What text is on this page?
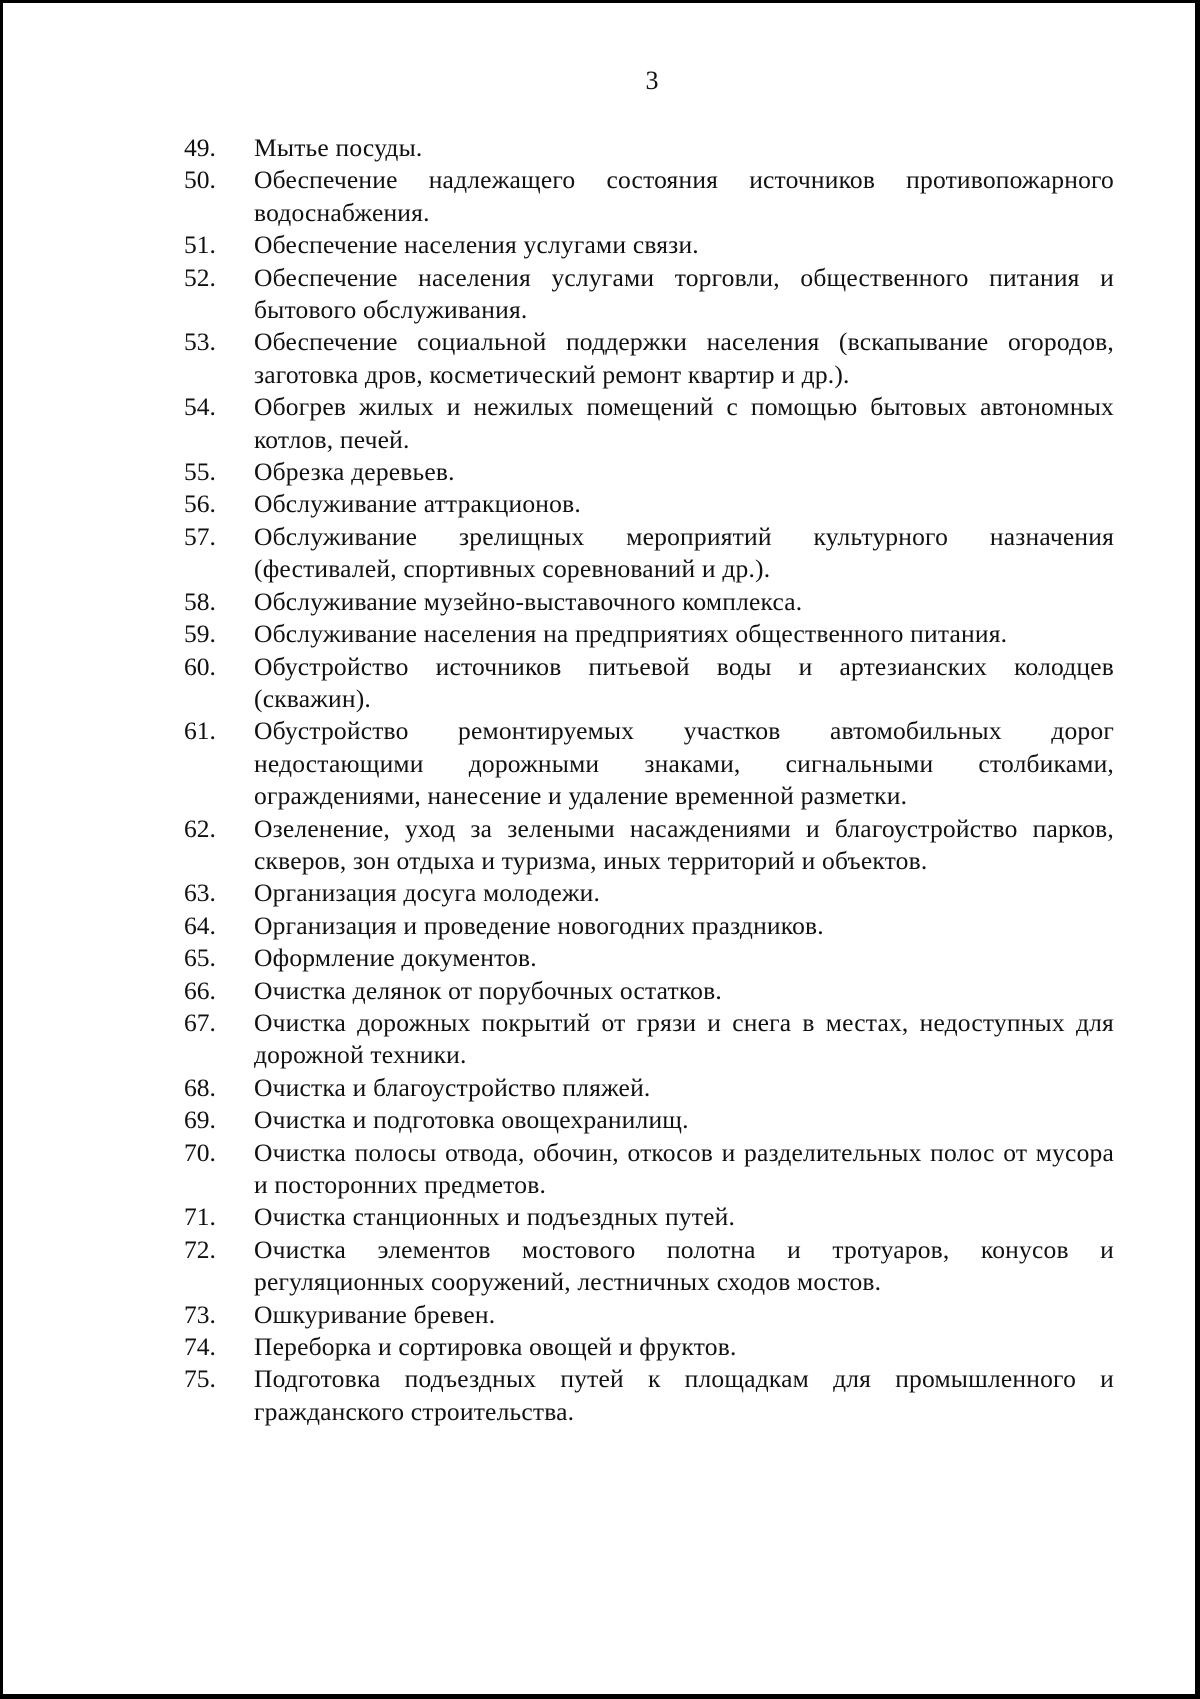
3
49.	Мытье посуды.
50.	Обеспечение надлежащего состояния источников противопожарного водоснабжения.
51.	Обеспечение населения услугами связи.
52.	Обеспечение населения услугами торговли, общественного питания и бытового обслуживания.
53.	Обеспечение социальной поддержки населения (вскапывание огородов, заготовка дров, косметический ремонт квартир и др.).
54.	Обогрев жилых и нежилых помещений с помощью бытовых автономных котлов, печей.
55.	Обрезка деревьев.
56.	Обслуживание аттракционов.
57.	Обслуживание зрелищных мероприятий культурного назначения (фестивалей, спортивных соревнований и др.).
58.	Обслуживание музейно-выставочного комплекса.
59.	Обслуживание населения на предприятиях общественного питания.
60.	Обустройство источников питьевой воды и артезианских колодцев (скважин).
61.	Обустройство ремонтируемых участков автомобильных дорог недостающими дорожными знаками, сигнальными столбиками, ограждениями, нанесение и удаление временной разметки.
62.	Озеленение, уход за зелеными насаждениями и благоустройство парков, скверов, зон отдыха и туризма, иных территорий и объектов.
63.	Организация досуга молодежи.
64.	Организация и проведение новогодних праздников.
65.	Оформление документов.
66.	Очистка делянок от порубочных остатков.
67.	Очистка дорожных покрытий от грязи и снега в местах, недоступных для дорожной техники.
68.	Очистка и благоустройство пляжей.
69.	Очистка и подготовка овощехранилищ.
70.	Очистка полосы отвода, обочин, откосов и разделительных полос от мусора и посторонних предметов.
71.	Очистка станционных и подъездных путей.
72.	Очистка элементов мостового полотна и тротуаров, конусов и регуляционных сооружений, лестничных сходов мостов.
73.	Ошкуривание бревен.
74.	Переборка и сортировка овощей и фруктов.
75.	Подготовка подъездных путей к площадкам для промышленного и гражданского строительства.
